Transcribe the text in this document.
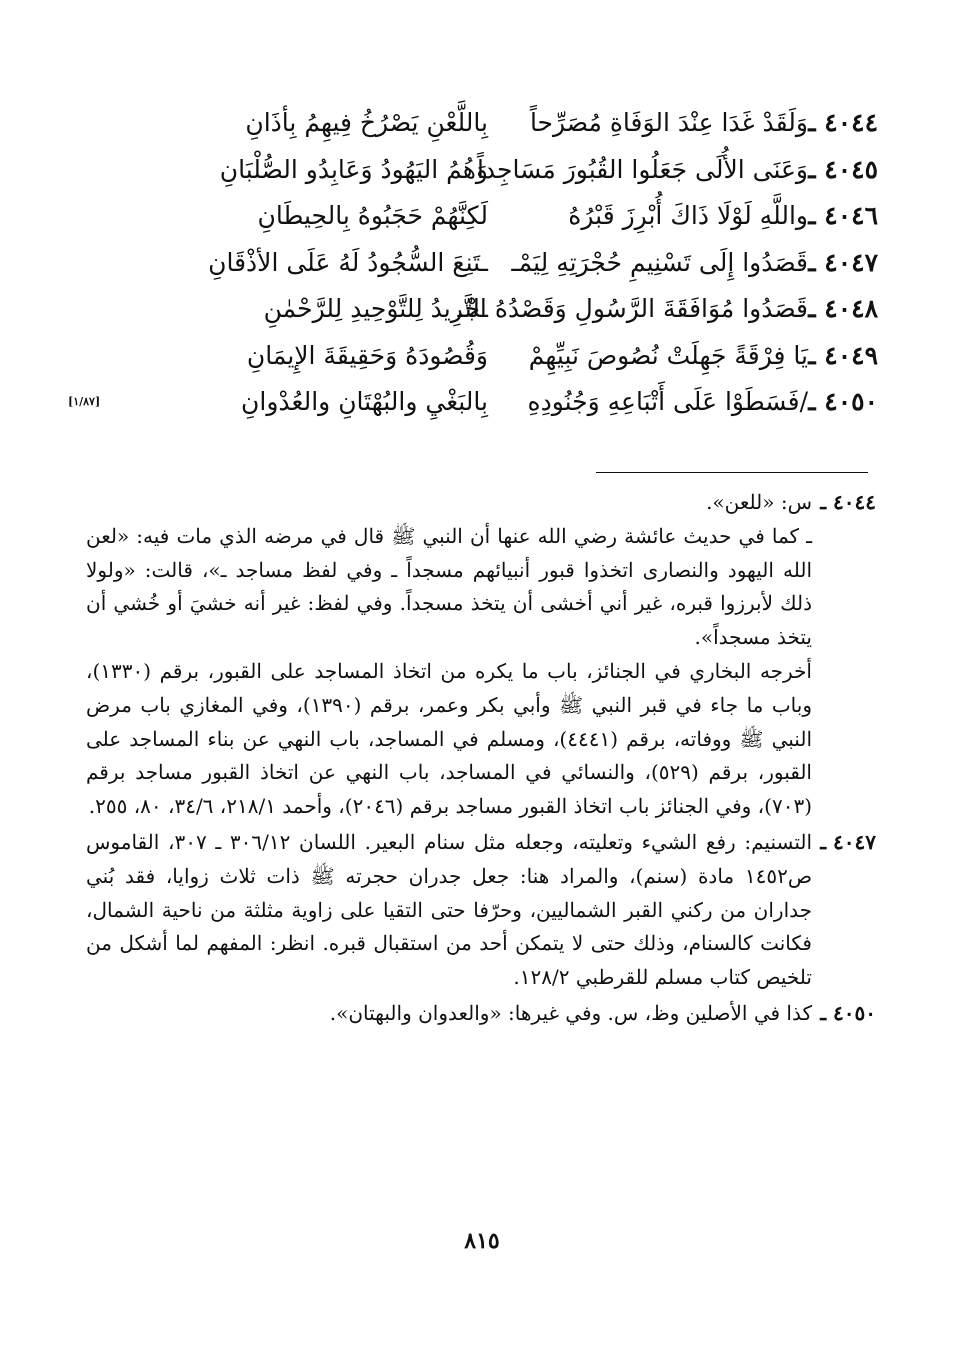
٤٠٤٤ ـ
وَلَقَدْ غَدَا عِنْدَ الوَفَاةِ مُصَرِّحاً
بِاللَّعْنِ يَصْرُخُ فِيهِمُ بِأذَانِ
٤٠٤٥ ـ
وَعَنَى الأُلَى جَعَلُوا القُبُورَ مَسَاجِداً
وَهُمُ اليَهُودُ وَعَابِدُو الصُّلْبَانِ
٤٠٤٦ ـ
واللَّهِ لَوْلَا ذَاكَ أُبْرِزَ قَبْرُهُ
لَكِنَّهُمْ حَجَبُوهُ بِالحِيطَانِ
٤٠٤٧ ـ
قَصَدُوا إِلَى تَسْنِيمِ حُجْرَتِهِ لِيَمْـ
ـتَنِعَ السُّجُودُ لَهُ عَلَى الأذْقَانِ
٤٠٤٨ ـ
قَصَدُوا مُوَافَقَةَ الرَّسُولِ وَقَصْدُهُ التَّـ
ـجْرِيدُ لِلتَّوْحِيدِ لِلرَّحْمٰنِ
٤٠٤٩ ـ
يَا فِرْقَةً جَهِلَتْ نُصُوصَ نَبِيِّهِمْ
وَقُصُودَهُ وَحَقِيقَةَ الإِيمَانِ
٤٠٥٠ ـ
/فَسَطَوْا عَلَى أَتْبَاعِهِ وَجُنُودِهِ
بِالبَغْيِ والبُهْتَانِ والعُدْوانِ
[١/٨٧]
٤٠٤٤ ـ

س: «للعن».

ـ كما في حديث عائشة رضي الله عنها أن النبي ﷺ قال في مرضه الذي مات فيه: «لعن الله اليهود والنصارى اتخذوا قبور أنبيائهم مسجداً ـ وفي لفظ مساجد ـ»، قالت: «ولولا ذلك لأبرزوا قبره، غير أني أخشى أن يتخذ مسجداً. وفي لفظ: غير أنه خشيَ أو خُشي أن يتخذ مسجداً».

أخرجه البخاري في الجنائز، باب ما يكره من اتخاذ المساجد على القبور، برقم (١٣٣٠)، وباب ما جاء في قبر النبي ﷺ وأبي بكر وعمر، برقم (١٣٩٠)، وفي المغازي باب مرض النبي ﷺ ووفاته، برقم (٤٤٤١)، ومسلم في المساجد، باب النهي عن بناء المساجد على القبور، برقم (٥٢٩)، والنسائي في المساجد، باب النهي عن اتخاذ القبور مساجد برقم (٧٠٣)، وفي الجنائز باب اتخاذ القبور مساجد برقم (٢٠٤٦)، وأحمد ٢١٨/١، ٣٤/٦، ٨٠، ٢٥٥.

٤٠٤٧ ـ

التسنيم: رفع الشيء وتعليته، وجعله مثل سنام البعير. اللسان ٣٠٦/١٢ ـ ٣٠٧، القاموس ص١٤٥٢ مادة (سنم)، والمراد هنا: جعل جدران حجرته ﷺ ذات ثلاث زوايا، فقد بُني جداران من ركني القبر الشماليين، وحرّفا حتى التقيا على زاوية مثلثة من ناحية الشمال، فكانت كالسنام، وذلك حتى لا يتمكن أحد من استقبال قبره. انظر: المفهم لما أشكل من تلخيص كتاب مسلم للقرطبي ١٢٨/٢.

٤٠٥٠ ـ

كذا في الأصلين وظ، س. وفي غيرها: «والعدوان والبهتان».

٨١٥
